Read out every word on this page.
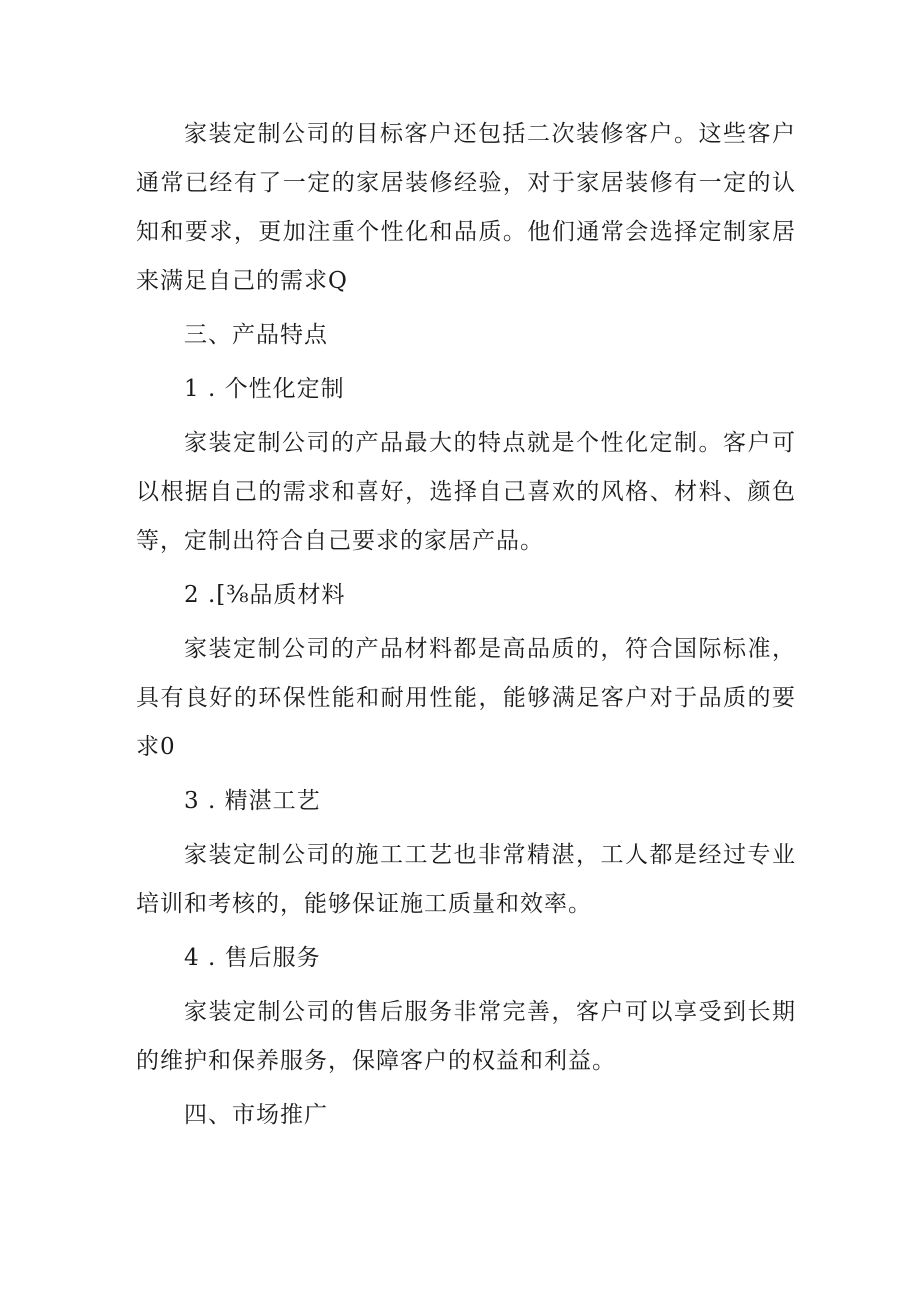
家装定制公司的目标客户还包括二次装修客户。这些客户通常已经有了一定的家居装修经验，对于家居装修有一定的认知和要求，更加注重个性化和品质。他们通常会选择定制家居来满足自己的需求Q

三、产品特点

1 . 个性化定制

家装定制公司的产品最大的特点就是个性化定制。客户可以根据自己的需求和喜好，选择自己喜欢的风格、材料、颜色等，定制出符合自己要求的家居产品。

2 .[⅜品质材料

家装定制公司的产品材料都是高品质的，符合国际标准，具有良好的环保性能和耐用性能，能够满足客户对于品质的要求0

3 . 精湛工艺

家装定制公司的施工工艺也非常精湛，工人都是经过专业培训和考核的，能够保证施工质量和效率。

4 . 售后服务

家装定制公司的售后服务非常完善，客户可以享受到长期的维护和保养服务，保障客户的权益和利益。

四、市场推广
